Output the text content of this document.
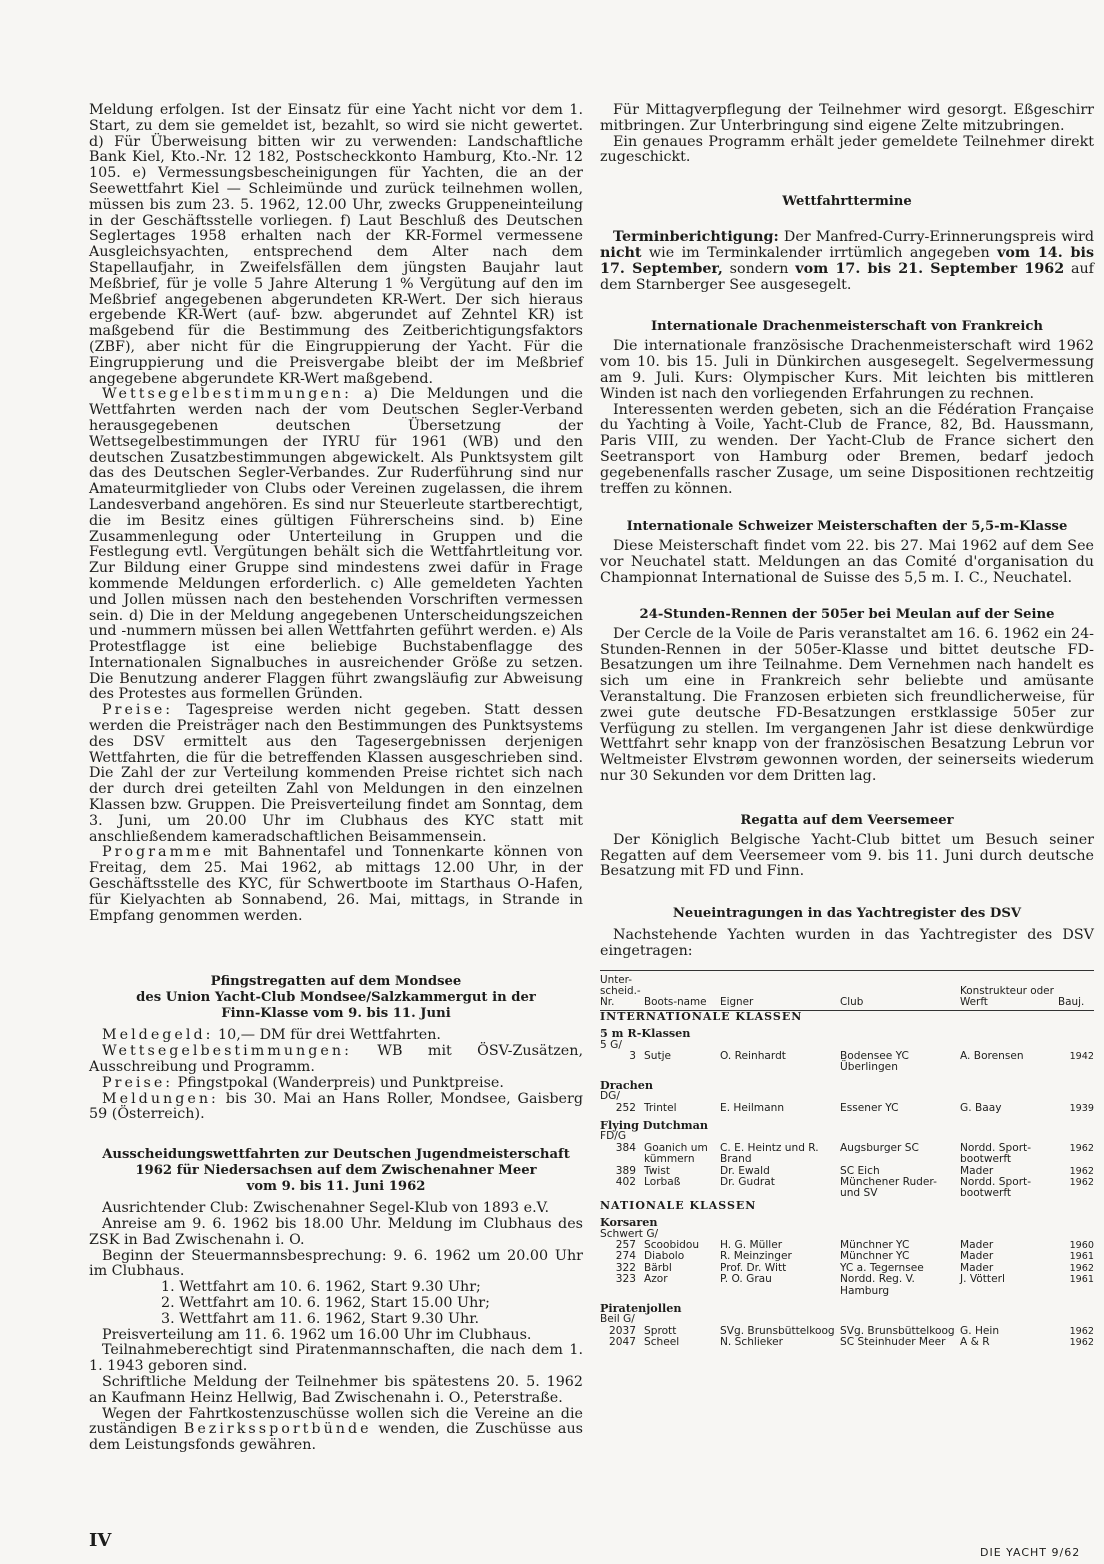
Meldung erfolgen. Ist der Einsatz für eine Yacht nicht vor dem 1. Start, zu dem sie gemeldet ist, bezahlt, so wird sie nicht gewertet. d) Für Überweisung bitten wir zu verwenden: Landschaftliche Bank Kiel, Kto.-Nr. 12 182, Postscheckkonto Hamburg, Kto.-Nr. 12 105. e) Vermessungsbescheinigungen für Yachten, die an der Seewettfahrt Kiel — Schleimünde und zurück teilnehmen wollen, müssen bis zum 23. 5. 1962, 12.00 Uhr, zwecks Gruppeneinteilung in der Geschäftsstelle vorliegen. f) Laut Beschluß des Deutschen Seglertages 1958 erhalten nach der KR-Formel vermessene Ausgleichsyachten, entsprechend dem Alter nach dem Stapellaufjahr, in Zweifelsfällen dem jüngsten Baujahr laut Meßbrief, für je volle 5 Jahre Alterung 1 % Vergütung auf den im Meßbrief angegebenen abgerundeten KR-Wert. Der sich hieraus ergebende KR-Wert (auf- bzw. abgerundet auf Zehntel KR) ist maßgebend für die Bestimmung des Zeitberichtigungsfaktors (ZBF), aber nicht für die Eingruppierung der Yacht. Für die Eingruppierung und die Preisvergabe bleibt der im Meßbrief angegebene abgerundete KR-Wert maßgebend.

Wettsegelbestimmungen: a) Die Meldungen und die Wettfahrten werden nach der vom Deutschen Segler-Verband herausgegebenen deutschen Übersetzung der Wettsegelbestimmungen der IYRU für 1961 (WB) und den deutschen Zusatzbestimmungen abgewickelt. Als Punktsystem gilt das des Deutschen Segler-Verbandes. Zur Ruderführung sind nur Amateurmitglieder von Clubs oder Vereinen zugelassen, die ihrem Landesverband angehören. Es sind nur Steuerleute startberechtigt, die im Besitz eines gültigen Führerscheins sind. b) Eine Zusammenlegung oder Unterteilung in Gruppen und die Festlegung evtl. Vergütungen behält sich die Wettfahrtleitung vor. Zur Bildung einer Gruppe sind mindestens zwei dafür in Frage kommende Meldungen erforderlich. c) Alle gemeldeten Yachten und Jollen müssen nach den bestehenden Vorschriften vermessen sein. d) Die in der Meldung angegebenen Unterscheidungszeichen und -nummern müssen bei allen Wettfahrten geführt werden. e) Als Protestflagge ist eine beliebige Buchstabenflagge des Internationalen Signalbuches in ausreichender Größe zu setzen. Die Benutzung anderer Flaggen führt zwangsläufig zur Abweisung des Protestes aus formellen Gründen.

Preise: Tagespreise werden nicht gegeben. Statt dessen werden die Preisträger nach den Bestimmungen des Punktsystems des DSV ermittelt aus den Tagesergebnissen derjenigen Wettfahrten, die für die betreffenden Klassen ausgeschrieben sind. Die Zahl der zur Verteilung kommenden Preise richtet sich nach der durch drei geteilten Zahl von Meldungen in den einzelnen Klassen bzw. Gruppen. Die Preisverteilung findet am Sonntag, dem 3. Juni, um 20.00 Uhr im Clubhaus des KYC statt mit anschließendem kameradschaftlichen Beisammensein.

Programme mit Bahnentafel und Tonnenkarte können von Freitag, dem 25. Mai 1962, ab mittags 12.00 Uhr, in der Geschäftsstelle des KYC, für Schwertboote im Starthaus O-Hafen, für Kielyachten ab Sonnabend, 26. Mai, mittags, in Strande in Empfang genommen werden.

Pfingstregatten auf dem Mondsee
des Union Yacht-Club Mondsee/Salzkammergut in der
Finn-Klasse vom 9. bis 11. Juni

Meldegeld: 10,— DM für drei Wettfahrten.

Wettsegelbestimmungen: WB mit ÖSV-Zusätzen, Ausschreibung und Programm.

Preise: Pfingstpokal (Wanderpreis) und Punktpreise.

Meldungen: bis 30. Mai an Hans Roller, Mondsee, Gaisberg 59 (Österreich).

Ausscheidungswettfahrten zur Deutschen Jugendmeisterschaft
1962 für Niedersachsen auf dem Zwischenahner Meer
vom 9. bis 11. Juni 1962

Ausrichtender Club: Zwischenahner Segel-Klub von 1893 e.V.

Anreise am 9. 6. 1962 bis 18.00 Uhr. Meldung im Clubhaus des ZSK in Bad Zwischenahn i. O.

Beginn der Steuermannsbesprechung: 9. 6. 1962 um 20.00 Uhr im Clubhaus.

1. Wettfahrt am 10. 6. 1962, Start 9.30 Uhr;

2. Wettfahrt am 10. 6. 1962, Start 15.00 Uhr;

3. Wettfahrt am 11. 6. 1962, Start 9.30 Uhr.

Preisverteilung am 11. 6. 1962 um 16.00 Uhr im Clubhaus.

Teilnahmeberechtigt sind Piratenmannschaften, die nach dem 1. 1. 1943 geboren sind.

Schriftliche Meldung der Teilnehmer bis spätestens 20. 5. 1962 an Kaufmann Heinz Hellwig, Bad Zwischenahn i. O., Peterstraße.

Wegen der Fahrtkostenzuschüsse wollen sich die Vereine an die zuständigen Bezirkssportbünde wenden, die Zuschüsse aus dem Leistungsfonds gewähren.

Für Mittagverpflegung der Teilnehmer wird gesorgt. Eßgeschirr mitbringen. Zur Unterbringung sind eigene Zelte mitzubringen.

Ein genaues Programm erhält jeder gemeldete Teilnehmer direkt zugeschickt.

Wettfahrttermine

Terminberichtigung: Der Manfred-Curry-Erinnerungspreis wird nicht wie im Terminkalender irrtümlich angegeben vom 14. bis 17. September, sondern vom 17. bis 21. September 1962 auf dem Starnberger See ausgesegelt.

Internationale Drachenmeisterschaft von Frankreich

Die internationale französische Drachenmeisterschaft wird 1962 vom 10. bis 15. Juli in Dünkirchen ausgesegelt. Segelvermessung am 9. Juli. Kurs: Olympischer Kurs. Mit leichten bis mittleren Winden ist nach den vorliegenden Erfahrungen zu rechnen.

Interessenten werden gebeten, sich an die Fédération Française du Yachting à Voile, Yacht-Club de France, 82, Bd. Haussmann, Paris VIII, zu wenden. Der Yacht-Club de France sichert den Seetransport von Hamburg oder Bremen, bedarf jedoch gegebenenfalls rascher Zusage, um seine Dispositionen rechtzeitig treffen zu können.

Internationale Schweizer Meisterschaften der 5,5-m-Klasse

Diese Meisterschaft findet vom 22. bis 27. Mai 1962 auf dem See vor Neuchatel statt. Meldungen an das Comité d'organisation du Championnat International de Suisse des 5,5 m. I. C., Neuchatel.

24-Stunden-Rennen der 505er bei Meulan auf der Seine

Der Cercle de la Voile de Paris veranstaltet am 16. 6. 1962 ein 24-Stunden-Rennen in der 505er-Klasse und bittet deutsche FD-Besatzungen um ihre Teilnahme. Dem Vernehmen nach handelt es sich um eine in Frankreich sehr beliebte und amüsante Veranstaltung. Die Franzosen erbieten sich freundlicherweise, für zwei gute deutsche FD-Besatzungen erstklassige 505er zur Verfügung zu stellen. Im vergangenen Jahr ist diese denkwürdige Wettfahrt sehr knapp von der französischen Besatzung Lebrun vor Weltmeister Elvstrøm gewonnen worden, der seinerseits wiederum nur 30 Sekunden vor dem Dritten lag.

Regatta auf dem Veersemeer

Der Königlich Belgische Yacht-Club bittet um Besuch seiner Regatten auf dem Veersemeer vom 9. bis 11. Juni durch deutsche Besatzung mit FD und Finn.

Neueintragungen in das Yachtregister des DSV

Nachstehende Yachten wurden in das Yachtregister des DSV eingetragen:

Unter-scheid.-Nr.	Boots-name	Eigner	Club	Konstrukteur oder Werft	Bauj.
INTERNATIONALE KLASSEN					
5 m R-Klassen					
5 G/					
3	Sutje	O. Reinhardt	Bodensee YC Überlingen	A. Borensen	1942
Drachen					
DG/					
252	Trintel	E. Heilmann	Essener YC	G. Baay	1939
Flying Dutchman					
FD/G					
384	Goanich um kümmern	C. E. Heintz und R. Brand	Augsburger SC	Nordd. Sport-bootwerft	1962
389	Twist	Dr. Ewald	SC Eich	Mader	1962
402	Lorbaß	Dr. Gudrat	Münchener Ruder- und SV	Nordd. Sport-bootwerft	1962
NATIONALE KLASSEN					
Korsaren					
Schwert G/					
257	Scoobidou	H. G. Müller	Münchner YC	Mader	1960
274	Diabolo	R. Meinzinger	Münchner YC	Mader	1961
322	Bärbl	Prof. Dr. Witt	YC a. Tegernsee	Mader	1962
323	Azor	P. O. Grau	Nordd. Reg. V. Hamburg	J. Vötterl	1961
Piratenjollen					
Beil G/					
2037	Sprott	SVg. Brunsbüttelkoog	SVg. Brunsbüttelkoog	G. Hein	1962
2047	Scheel	N. Schlieker	SC Steinhuder Meer	A & R	1962
IV
DIE YACHT 9/62
